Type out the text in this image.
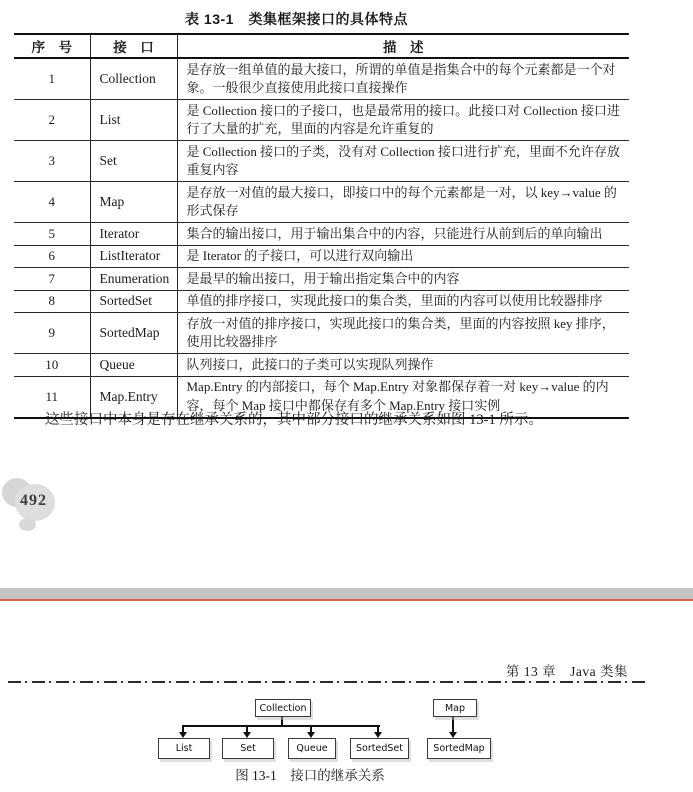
表 13-1　类集框架接口的具体特点
序　号	接　口	描　述
1	Collection	是存放一组单值的最大接口，所谓的单值是指集合中的每个元素都是一个对象。一般很少直接使用此接口直接操作
2	List	是 Collection 接口的子接口，也是最常用的接口。此接口对 Collection 接口进行了大量的扩充，里面的内容是允许重复的
3	Set	是 Collection 接口的子类，没有对 Collection 接口进行扩充，里面不允许存放重复内容
4	Map	是存放一对值的最大接口，即接口中的每个元素都是一对，以 key→value 的形式保存
5	Iterator	集合的输出接口，用于输出集合中的内容，只能进行从前到后的单向输出
6	ListIterator	是 Iterator 的子接口，可以进行双向输出
7	Enumeration	是最早的输出接口，用于输出指定集合中的内容
8	SortedSet	单值的排序接口，实现此接口的集合类，里面的内容可以使用比较器排序
9	SortedMap	存放一对值的排序接口，实现此接口的集合类，里面的内容按照 key 排序，使用比较器排序
10	Queue	队列接口，此接口的子类可以实现队列操作
11	Map.Entry	Map.Entry 的内部接口，每个 Map.Entry 对象都保存着一对 key→value 的内容，每个 Map 接口中都保存有多个 Map.Entry 接口实例
这些接口中本身是存在继承关系的，其中部分接口的继承关系如图 13-1 所示。
492
第 13 章　Java 类集
Collection	Map
List	Set	Queue	SortedSet	SortedMap
图 13-1　接口的继承关系
